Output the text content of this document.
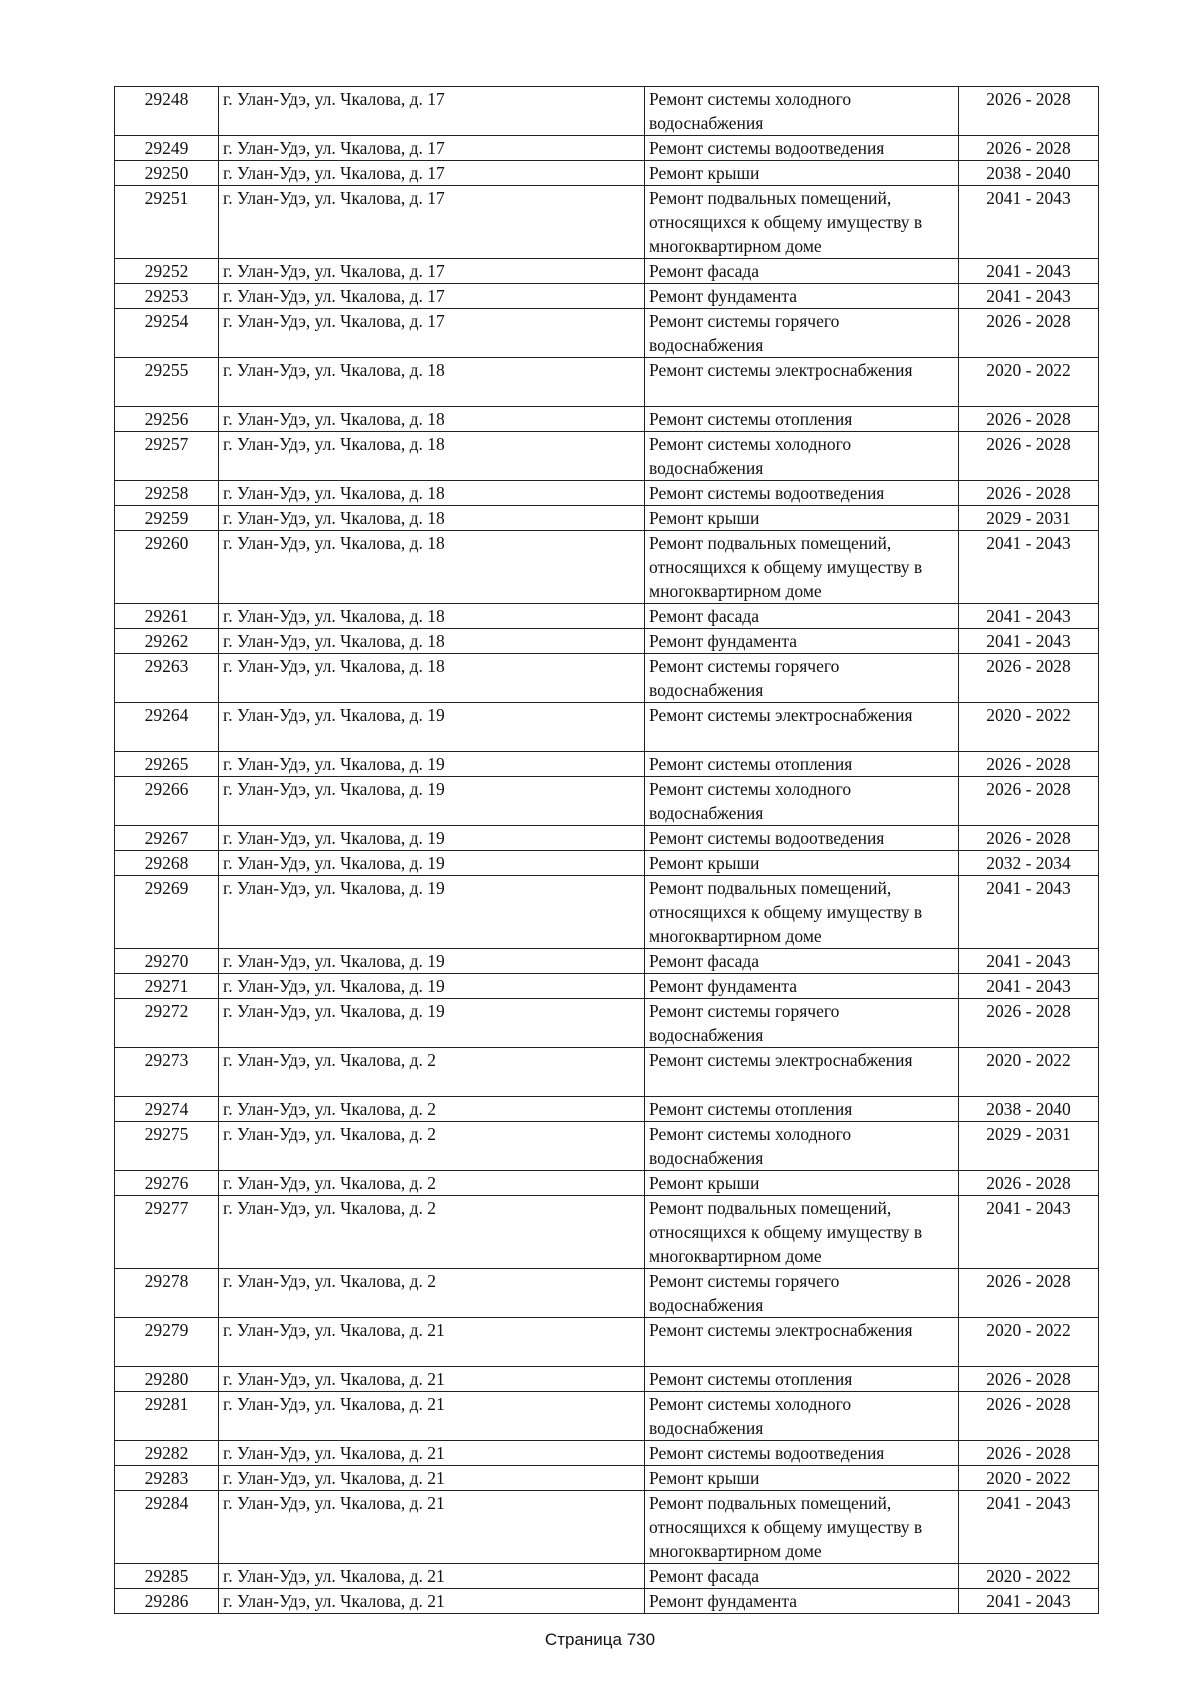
29248	г. Улан-Удэ, ул. Чкалова, д. 17	Ремонт системы холодного водоснабжения	2026 - 2028
29249	г. Улан-Удэ, ул. Чкалова, д. 17	Ремонт системы водоотведения	2026 - 2028
29250	г. Улан-Удэ, ул. Чкалова, д. 17	Ремонт крыши	2038 - 2040
29251	г. Улан-Удэ, ул. Чкалова, д. 17	Ремонт подвальных помещений, относящихся к общему имуществу в многоквартирном доме	2041 - 2043
29252	г. Улан-Удэ, ул. Чкалова, д. 17	Ремонт фасада	2041 - 2043
29253	г. Улан-Удэ, ул. Чкалова, д. 17	Ремонт фундамента	2041 - 2043
29254	г. Улан-Удэ, ул. Чкалова, д. 17	Ремонт системы горячего водоснабжения	2026 - 2028
29255	г. Улан-Удэ, ул. Чкалова, д. 18	Ремонт системы электроснабжения	2020 - 2022
29256	г. Улан-Удэ, ул. Чкалова, д. 18	Ремонт системы отопления	2026 - 2028
29257	г. Улан-Удэ, ул. Чкалова, д. 18	Ремонт системы холодного водоснабжения	2026 - 2028
29258	г. Улан-Удэ, ул. Чкалова, д. 18	Ремонт системы водоотведения	2026 - 2028
29259	г. Улан-Удэ, ул. Чкалова, д. 18	Ремонт крыши	2029 - 2031
29260	г. Улан-Удэ, ул. Чкалова, д. 18	Ремонт подвальных помещений, относящихся к общему имуществу в многоквартирном доме	2041 - 2043
29261	г. Улан-Удэ, ул. Чкалова, д. 18	Ремонт фасада	2041 - 2043
29262	г. Улан-Удэ, ул. Чкалова, д. 18	Ремонт фундамента	2041 - 2043
29263	г. Улан-Удэ, ул. Чкалова, д. 18	Ремонт системы горячего водоснабжения	2026 - 2028
29264	г. Улан-Удэ, ул. Чкалова, д. 19	Ремонт системы электроснабжения	2020 - 2022
29265	г. Улан-Удэ, ул. Чкалова, д. 19	Ремонт системы отопления	2026 - 2028
29266	г. Улан-Удэ, ул. Чкалова, д. 19	Ремонт системы холодного водоснабжения	2026 - 2028
29267	г. Улан-Удэ, ул. Чкалова, д. 19	Ремонт системы водоотведения	2026 - 2028
29268	г. Улан-Удэ, ул. Чкалова, д. 19	Ремонт крыши	2032 - 2034
29269	г. Улан-Удэ, ул. Чкалова, д. 19	Ремонт подвальных помещений, относящихся к общему имуществу в многоквартирном доме	2041 - 2043
29270	г. Улан-Удэ, ул. Чкалова, д. 19	Ремонт фасада	2041 - 2043
29271	г. Улан-Удэ, ул. Чкалова, д. 19	Ремонт фундамента	2041 - 2043
29272	г. Улан-Удэ, ул. Чкалова, д. 19	Ремонт системы горячего водоснабжения	2026 - 2028
29273	г. Улан-Удэ, ул. Чкалова, д. 2	Ремонт системы электроснабжения	2020 - 2022
29274	г. Улан-Удэ, ул. Чкалова, д. 2	Ремонт системы отопления	2038 - 2040
29275	г. Улан-Удэ, ул. Чкалова, д. 2	Ремонт системы холодного водоснабжения	2029 - 2031
29276	г. Улан-Удэ, ул. Чкалова, д. 2	Ремонт крыши	2026 - 2028
29277	г. Улан-Удэ, ул. Чкалова, д. 2	Ремонт подвальных помещений, относящихся к общему имуществу в многоквартирном доме	2041 - 2043
29278	г. Улан-Удэ, ул. Чкалова, д. 2	Ремонт системы горячего водоснабжения	2026 - 2028
29279	г. Улан-Удэ, ул. Чкалова, д. 21	Ремонт системы электроснабжения	2020 - 2022
29280	г. Улан-Удэ, ул. Чкалова, д. 21	Ремонт системы отопления	2026 - 2028
29281	г. Улан-Удэ, ул. Чкалова, д. 21	Ремонт системы холодного водоснабжения	2026 - 2028
29282	г. Улан-Удэ, ул. Чкалова, д. 21	Ремонт системы водоотведения	2026 - 2028
29283	г. Улан-Удэ, ул. Чкалова, д. 21	Ремонт крыши	2020 - 2022
29284	г. Улан-Удэ, ул. Чкалова, д. 21	Ремонт подвальных помещений, относящихся к общему имуществу в многоквартирном доме	2041 - 2043
29285	г. Улан-Удэ, ул. Чкалова, д. 21	Ремонт фасада	2020 - 2022
29286	г. Улан-Удэ, ул. Чкалова, д. 21	Ремонт фундамента	2041 - 2043
Страница 730
